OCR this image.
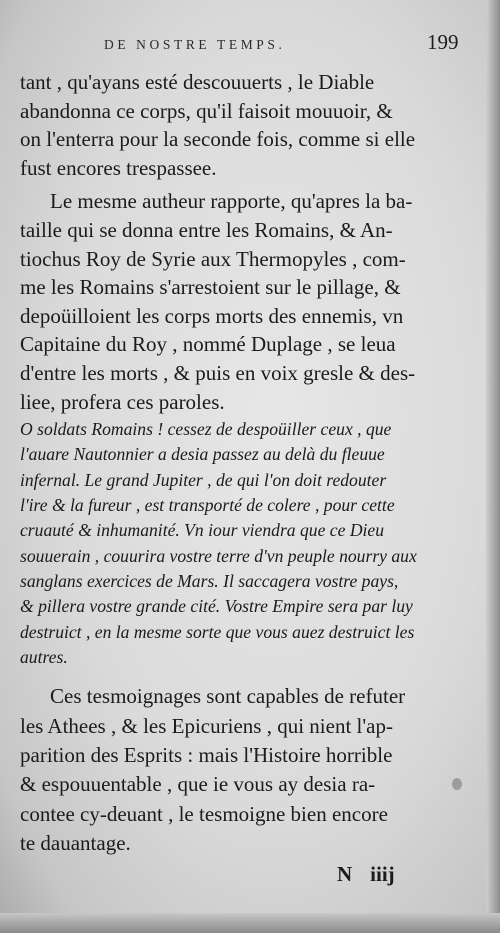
DE NOSTRE TEMPS.	199
tant , qu'ayans esté descouuerts , le Diable
abandonna ce corps, qu'il faisoit mouuoir, &
on l'enterra pour la seconde fois, comme si elle
fust encores trespassee.
Le mesme autheur rapporte, qu'apres la ba-
taille qui se donna entre les Romains, & An-
tiochus Roy de Syrie aux Thermopyles , com-
me les Romains s'arrestoient sur le pillage, &
depoüilloient les corps morts des ennemis, vn
Capitaine du Roy , nommé Duplage , se leua
d'entre les morts , & puis en voix gresle & des-
liee, profera ces paroles.
O soldats Romains ! cessez de despoüiller ceux , que
l'auare Nautonnier a desia passez au delà du fleuue
infernal. Le grand Jupiter , de qui l'on doit redouter
l'ire & la fureur , est transporté de colere , pour cette
cruauté & inhumanité. Vn iour viendra que ce Dieu
souuerain , couurira vostre terre d'vn peuple nourry aux
sanglans exercices de Mars. Il saccagera vostre pays,
& pillera vostre grande cité. Vostre Empire sera par luy
destruict , en la mesme sorte que vous auez destruict les
autres.
Ces tesmoignages sont capables de refuter
les Athees , & les Epicuriens , qui nient l'ap-
parition des Esprits : mais l'Histoire horrible
& espouuentable , que ie vous ay desia ra-
contee cy-deuant , le tesmoigne bien encore
te dauantage.
N iiij
